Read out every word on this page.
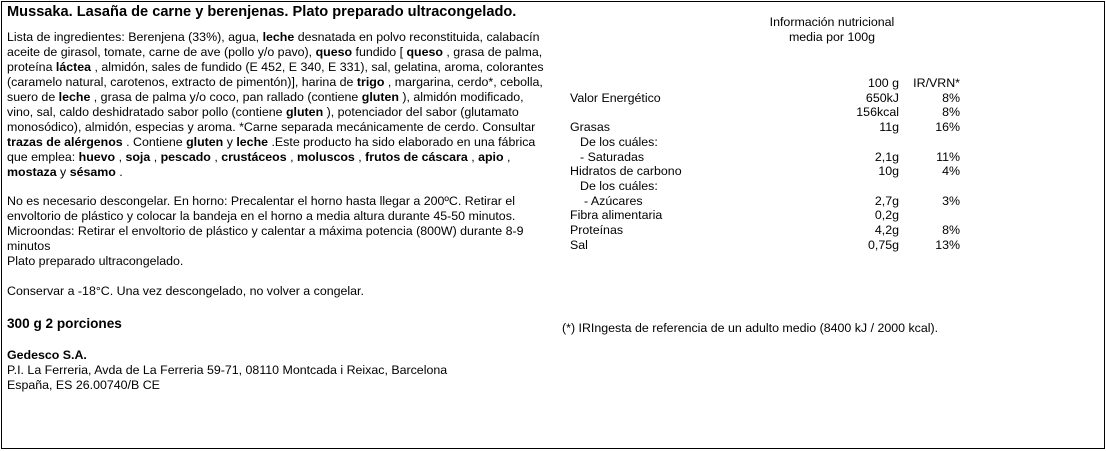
Mussaka. Lasaña de carne y berenjenas. Plato preparado ultracongelado.
Lista de ingredientes: Berenjena (33%), agua, leche desnatada en polvo reconstituida, calabacín aceite de girasol, tomate, carne de ave (pollo y/o pavo), queso fundido [ queso , grasa de palma, proteína láctea , almidón, sales de fundido (E 452, E 340, E 331), sal, gelatina, aroma, colorantes (caramelo natural, carotenos, extracto de pimentón)], harina de trigo , margarina, cerdo*, cebolla, suero de leche , grasa de palma y/o coco, pan rallado (contiene gluten ), almidón modificado, vino, sal, caldo deshidratado sabor pollo (contiene gluten ), potenciador del sabor (glutamato monosódico), almidón, especias y aroma. *Carne separada mecánicamente de cerdo. Consultar trazas de alérgenos . Contiene gluten y leche .Este producto ha sido elaborado en una fábrica que emplea: huevo , soja , pescado , crustáceos , moluscos , frutos de cáscara , apio , mostaza y sésamo .
No es necesario descongelar. En horno: Precalentar el horno hasta llegar a 200ºC. Retirar el envoltorio de plástico y colocar la bandeja en el horno a media altura durante 45-50 minutos.
Microondas: Retirar el envoltorio de plástico y calentar a máxima potencia (800W) durante 8-9 minutos
Plato preparado ultracongelado.
Conservar a -18°C. Una vez descongelado, no volver a congelar.
300 g 2 porciones
Gedesco S.A.
P.I. La Ferreria, Avda de La Ferreria 59-71, 08110 Montcada i Reixac, Barcelona
España, ES 26.00740/B CE
Información nutricional
media por 100g
	100 g	IR/VRN*
Valor Energético	650kJ	8%
	156kcal	8%
Grasas	11g	16%
De los cuáles:		
- Saturadas	2,1g	11%
Hidratos de carbono	10g	4%
De los cuáles:		
- Azúcares	2,7g	3%
Fibra alimentaria	0,2g	
Proteínas	4,2g	8%
Sal	0,75g	13%
(*) IRIngesta de referencia de un adulto medio (8400 kJ / 2000 kcal).
